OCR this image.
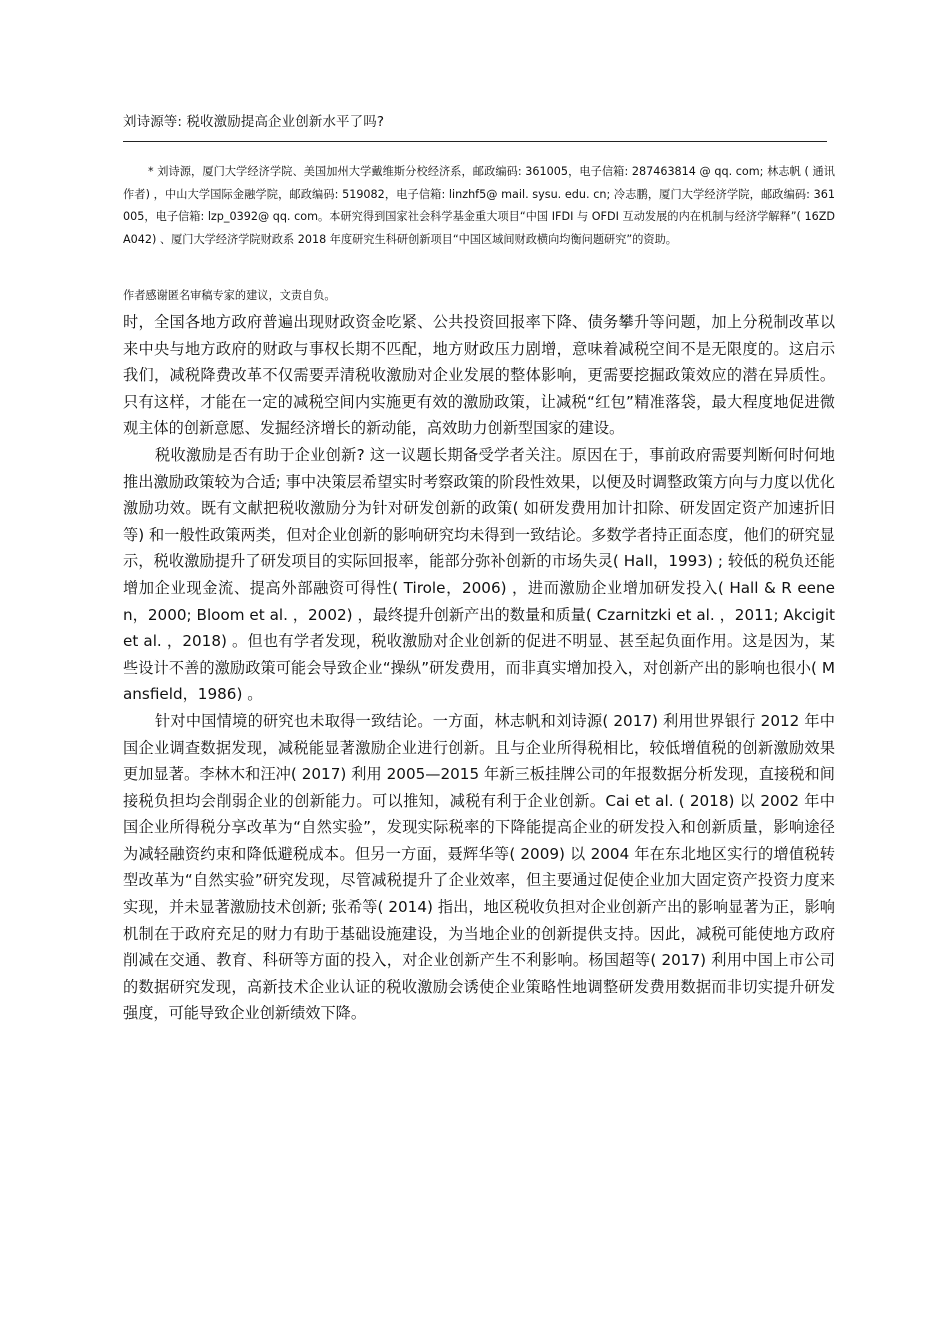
刘诗源等: 税收激励提高企业创新水平了吗?
* 刘诗源，厦门大学经济学院、美国加州大学戴维斯分校经济系，邮政编码: 361005，电子信箱: 287463814 @ qq. com; 林志帆 ( 通讯作者) ，中山大学国际金融学院，邮政编码: 519082，电子信箱: linzhf5@ mail. sysu. edu. cn; 冷志鹏，厦门大学经济学院，邮政编码: 361005，电子信箱: lzp_0392@ qq. com。本研究得到国家社会科学基金重大项目“中国 IFDI 与 OFDI 互动发展的内在机制与经济学解释”( 16ZDA042) 、厦门大学经济学院财政系 2018 年度研究生科研创新项目“中国区域间财政横向均衡问题研究”的资助。
作者感谢匿名审稿专家的建议，文责自负。

时，全国各地方政府普遍出现财政资金吃紧、公共投资回报率下降、债务攀升等问题，加上分税制改革以来中央与地方政府的财政与事权长期不匹配，地方财政压力剧增，意味着减税空间不是无限度的。这启示我们，减税降费改革不仅需要弄清税收激励对企业发展的整体影响，更需要挖掘政策效应的潜在异质性。只有这样，才能在一定的减税空间内实施更有效的激励政策，让减税“红包”精准落袋，最大程度地促进微观主体的创新意愿、发掘经济增长的新动能，高效助力创新型国家的建设。

税收激励是否有助于企业创新? 这一议题长期备受学者关注。原因在于，事前政府需要判断何时何地推出激励政策较为合适; 事中决策层希望实时考察政策的阶段性效果，以便及时调整政策方向与力度以优化激励功效。既有文献把税收激励分为针对研发创新的政策( 如研发费用加计扣除、研发固定资产加速折旧等) 和一般性政策两类，但对企业创新的影响研究均未得到一致结论。多数学者持正面态度，他们的研究显示，税收激励提升了研发项目的实际回报率，能部分弥补创新的市场失灵( Hall，1993) ; 较低的税负还能增加企业现金流、提高外部融资可得性( Tirole，2006) ，进而激励企业增加研发投入( Hall & R eenen，2000; Bloom et al. ，2002) ，最终提升创新产出的数量和质量( Czarnitzki et al. ，2011; Akcigit et al. ，2018) 。但也有学者发现，税收激励对企业创新的促进不明显、甚至起负面作用。这是因为，某些设计不善的激励政策可能会导致企业“操纵”研发费用，而非真实增加投入，对创新产出的影响也很小( Mansfield，1986) 。

针对中国情境的研究也未取得一致结论。一方面，林志帆和刘诗源( 2017) 利用世界银行 2012 年中国企业调查数据发现，减税能显著激励企业进行创新。且与企业所得税相比，较低增值税的创新激励效果更加显著。李林木和汪冲( 2017) 利用 2005—2015 年新三板挂牌公司的年报数据分析发现，直接税和间接税负担均会削弱企业的创新能力。可以推知，减税有利于企业创新。Cai et al. ( 2018) 以 2002 年中国企业所得税分享改革为“自然实验”，发现实际税率的下降能提高企业的研发投入和创新质量，影响途径为减轻融资约束和降低避税成本。但另一方面，聂辉华等( 2009) 以 2004 年在东北地区实行的增值税转型改革为“自然实验”研究发现，尽管减税提升了企业效率，但主要通过促使企业加大固定资产投资力度来实现，并未显著激励技术创新; 张希等( 2014) 指出，地区税收负担对企业创新产出的影响显著为正，影响机制在于政府充足的财力有助于基础设施建设，为当地企业的创新提供支持。因此，减税可能使地方政府削减在交通、教育、科研等方面的投入，对企业创新产生不利影响。杨国超等( 2017) 利用中国上市公司的数据研究发现，高新技术企业认证的税收激励会诱使企业策略性地调整研发费用数据而非切实提升研发强度，可能导致企业创新绩效下降。
